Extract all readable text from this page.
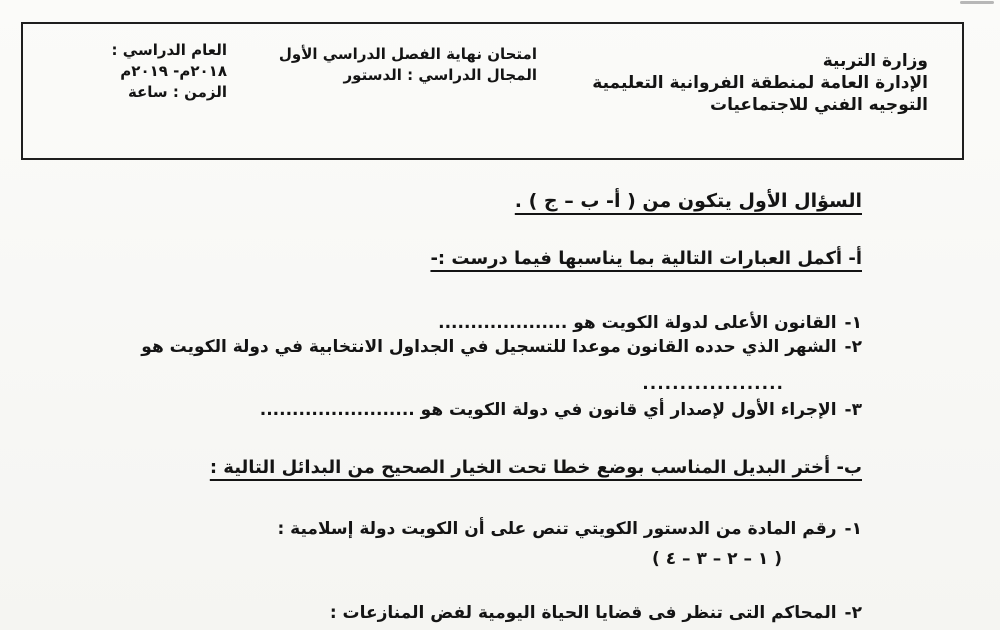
وزارة التربية
الإدارة العامة لمنطقة الفروانية التعليمية
التوجيه الفني للاجتماعيات
امتحان نهاية الفصل الدراسي الأول
المجال الدراسي : الدستور
العام الدراسي :
٢٠١٨م- ٢٠١٩م
الزمن : ساعة
السؤال الأول يتكون من ( أ- ب – ج ) .
أ- أكمل العبارات التالية بما يناسبها فيما درست :-
١-القانون الأعلى لدولة الكويت هو ....................
٢-الشهر الذي حدده القانون موعدا للتسجيل في الجداول الانتخابية في دولة الكويت هو
...................
٣-الإجراء الأول لإصدار أي قانون في دولة الكويت هو ........................
ب- أختر البديل المناسب بوضع خطا تحت الخيار الصحيح من البدائل التالية :
١-رقم المادة من الدستور الكويتي تنص على أن الكويت دولة إسلامية :
( ١ – ٢ – ٣ – ٤ )
٢-المحاكم التى تنظر فى قضايا الحياة اليومية لفض المنازعات :
